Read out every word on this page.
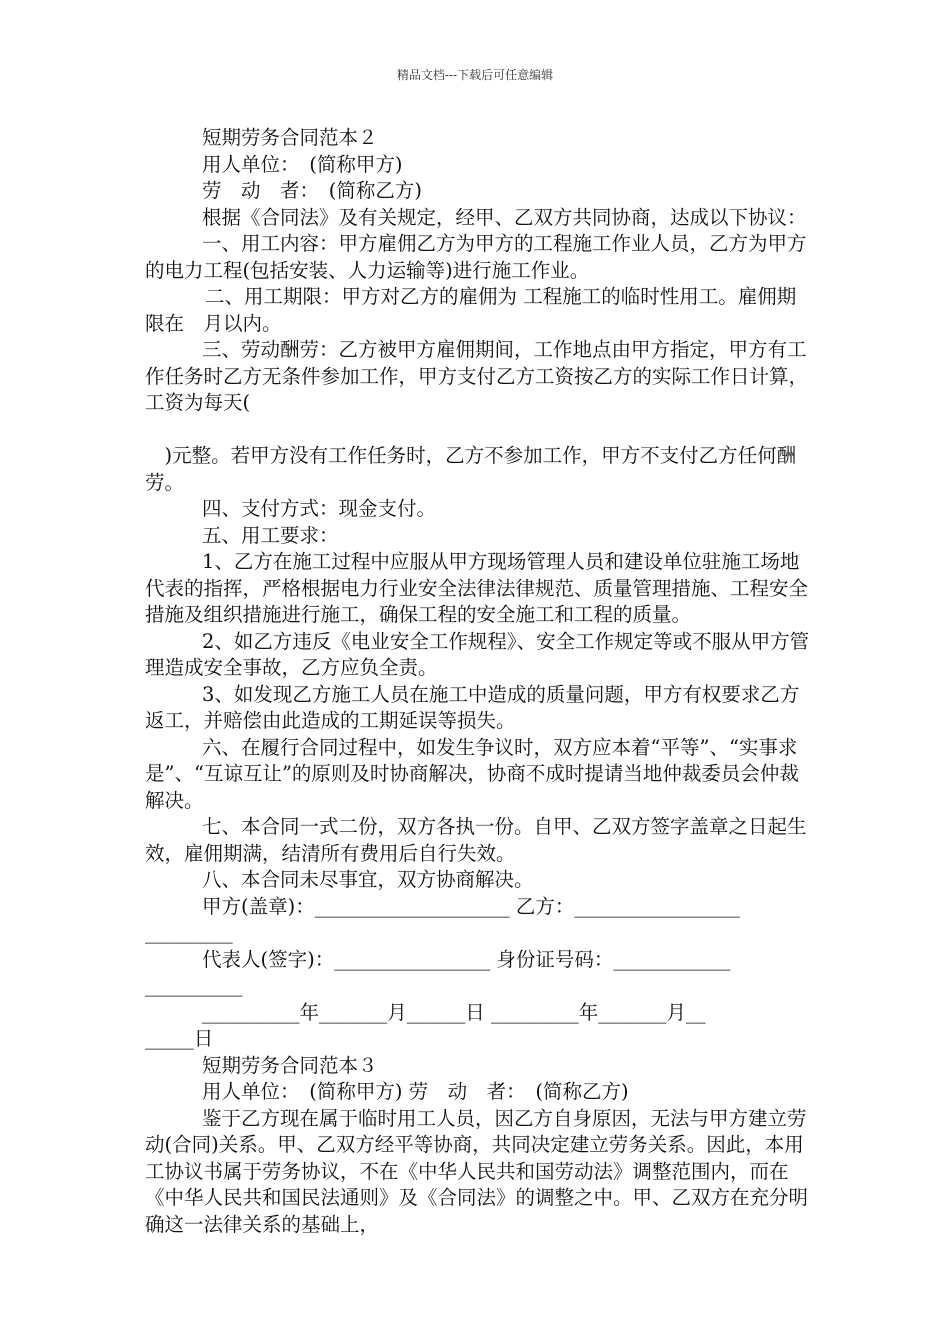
精品文档---下载后可任意编辑

短期劳务合同范本２

用人单位：　(简称甲方)

劳　动　者：　(简称乙方)

根据《合同法》及有关规定，经甲、乙双方共同协商，达成以下协议：

一、用工内容：甲方雇佣乙方为甲方的工程施工作业人员，乙方为甲方的电力工程(包括安装、人力运输等)进行施工作业。

二、用工期限：甲方对乙方的雇佣为 工程施工的临时性用工。雇佣期限在　月以内。

三、劳动酬劳：乙方被甲方雇佣期间，工作地点由甲方指定，甲方有工作任务时乙方无条件参加工作，甲方支付乙方工资按乙方的实际工作日计算，工资为每天(

　)元整。若甲方没有工作任务时，乙方不参加工作，甲方不支付乙方任何酬劳。

四、支付方式：现金支付。

五、用工要求：

1、乙方在施工过程中应服从甲方现场管理人员和建设单位驻施工场地代表的指挥，严格根据电力行业安全法律法律规范、质量管理措施、工程安全措施及组织措施进行施工，确保工程的安全施工和工程的质量。

2、如乙方违反《电业安全工作规程》、安全工作规定等或不服从甲方管理造成安全事故，乙方应负全责。

3、如发现乙方施工人员在施工中造成的质量问题，甲方有权要求乙方返工，并赔偿由此造成的工期延误等损失。

六、在履行合同过程中，如发生争议时，双方应本着“平等”、“实事求是”、“互谅互让”的原则及时协商解决，协商不成时提请当地仲裁委员会仲裁解决。

七、本合同一式二份，双方各执一份。自甲、乙双方签字盖章之日起生效，雇佣期满，结清所有费用后自行失效。

八、本合同未尽事宜，双方协商解决。

甲方(盖章)：____________________ 乙方：_________________

_________

代表人(签字)：________________ 身份证号码：____________

__________

__________年_______月______日 _________年_______月__

_____日

短期劳务合同范本３

用人单位：　(简称甲方) 劳　动　者：　(简称乙方)

鉴于乙方现在属于临时用工人员，因乙方自身原因，无法与甲方建立劳动(合同)关系。甲、乙双方经平等协商，共同决定建立劳务关系。因此，本用工协议书属于劳务协议，不在《中华人民共和国劳动法》调整范围内，而在《中华人民共和国民法通则》及《合同法》的调整之中。甲、乙双方在充分明确这一法律关系的基础上，
